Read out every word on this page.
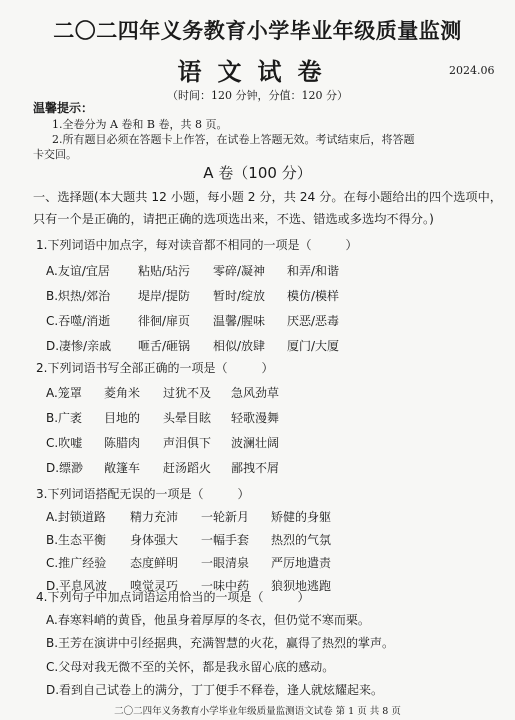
二〇二四年义务教育小学毕业年级质量监测
语文试卷	2024.06
（时间：120 分钟，分值：120 分）
温馨提示：
1.全卷分为 A 卷和 B 卷，共 8 页。
2.所有题目必须在答题卡上作答，在试卷上答题无效。考试结束后，将答题
卡交回。
A 卷（100 分）
一、选择题(本大题共 12 小题，每小题 2 分，共 24 分。在每小题给出的四个选项中，只有一个是正确的，请把正确的选项选出来，不选、错选或多选均不得分。)
1.下列词语中加点字，每对读音都不相同的一项是（	）
A.友谊/宜居 粘贴/玷污 零碎/凝神 和弄/和谐
B.炽热/郊治 堤岸/提防 暂时/绽放 模仿/模样
C.吞噬/消逝 徘徊/扉页 温馨/腥味 厌恶/恶毒
D.凄惨/亲戚 咂舌/砸锅 相似/放肆 厦门/大厦
2.下列词语书写全部正确的一项是（	）
A.笼罩 菱角米 过犹不及 急风劲草
B.广袤 目地的 头晕目眩 轻歌漫舞
C.吹嘘 陈腊肉 声泪俱下 波澜壮阔
D.缥渺 敞篷车 赶汤蹈火 鄙拽不屑
3.下列词语搭配无误的一项是（	）
A.封锁道路 精力充沛 一轮新月 矫健的身躯
B.生态平衡 身体强大 一幅手套 热烈的气氛
C.推广经验 态度鲜明 一眼清泉 严厉地遣责
D.平息风波 嗅觉灵巧 一味中药 狼狈地逃跑
4.下列句子中加点词语运用恰当的一项是（	）
A.春寒料峭的黄昏，他虽身着厚厚的冬衣，但仍觉不寒而栗。
B.王芳在演讲中引经据典，充满智慧的火花，赢得了热烈的掌声。
C.父母对我无微不至的关怀，都是我永留心底的感动。
D.看到自己试卷上的满分，丁丁便手不释卷，逢人就炫耀起来。
二〇二四年义务教育小学毕业年级质量监测语文试卷 第 1 页 共 8 页
